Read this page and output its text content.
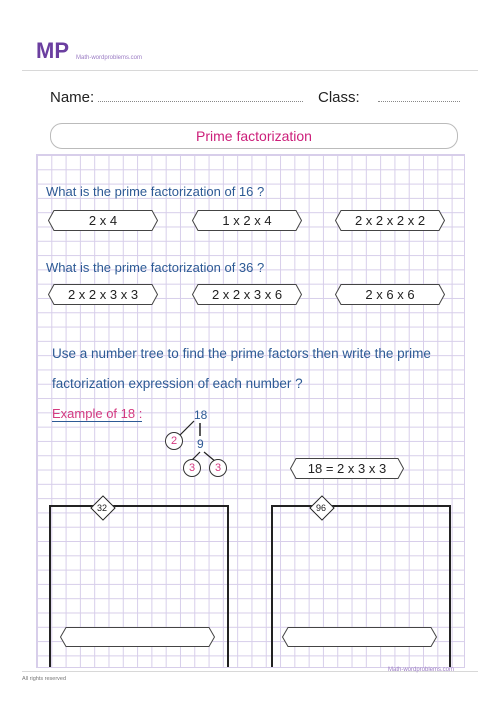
MP Math-wordproblems.com
Name:	Class:
Prime factorization
What is the prime factorization of 16 ?
2 x 4	1 x 2 x 4	2 x 2 x 2 x 2
What is the prime factorization of 36 ?
2 x 2 x 3 x 3	2 x 2 x 3 x 6	2 x 6 x 6
Use a number tree to find the prime factors then write the prime
factorization expression of each number ?
Example of 18 :	18
2 9
3 3	18 = 2 x 3 x 3
32	96
Math-wordproblems.com
All rights reserved
